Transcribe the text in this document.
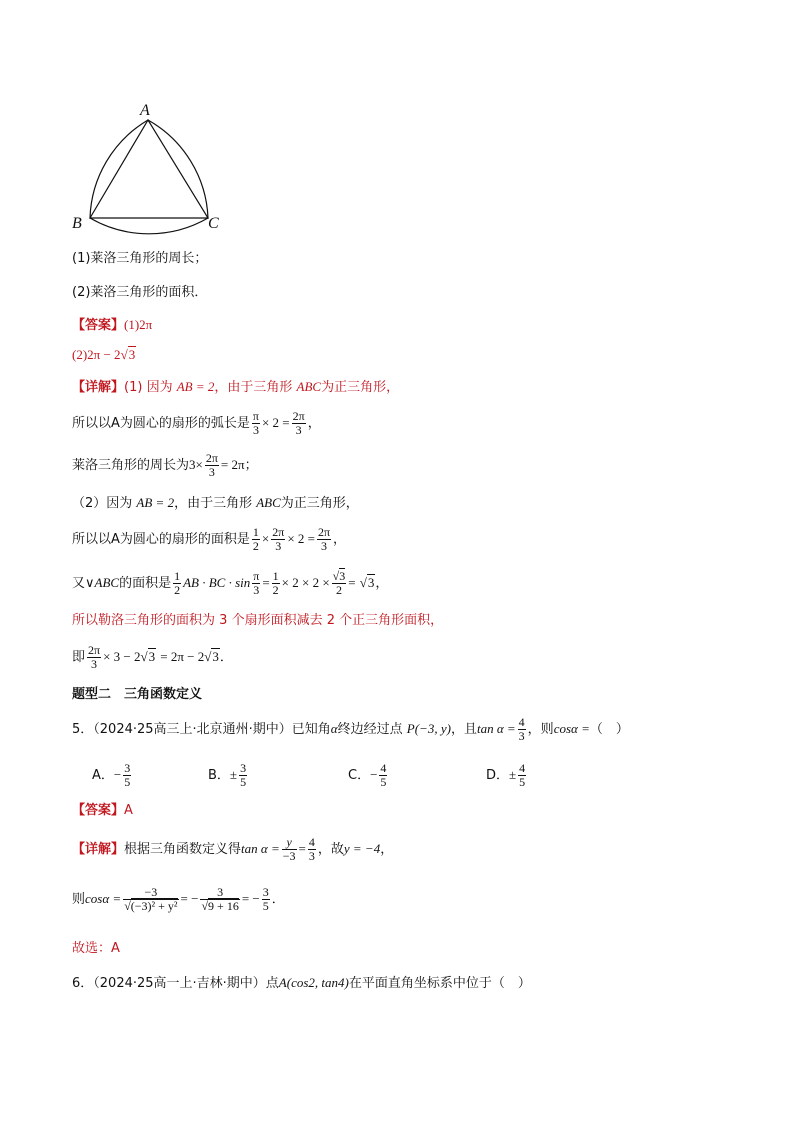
A
B	C
(1)莱洛三角形的周长；
(2)莱洛三角形的面积．
【答案】(1)2π
(2)2π − 2√3
【详解】(1) 因为 AB = 2，由于三角形 ABC为正三角形，
所以以A为圆心的扇形的弧长是 $\frac{\pi}{3} \times 2 = \frac{2\pi}{3}$ ，
莱洛三角形的周长为$3\times \frac{2\pi}{3} = 2\pi$；
（2）因为 AB = 2，由于三角形 ABC为正三角形，
所以以A为圆心的扇形的面积是 $\frac{1}{2} \times \frac{2\pi}{3} \times 2 = \frac{2\pi}{3}$ ，
又∨ABC的面积是 $\frac{1}{2}$ AB · BC · $\sin \frac{\pi}{3} = \frac{1}{2} \times 2 \times 2 \times \frac{√3}{2} = √3$，
所以勒洛三角形的面积为 3 个扇形面积减去 2 个正三角形面积，
即 $\frac{2\pi}{3} \times 3 - 2√3 = 2\pi - 2√3$．
题型二　三角函数定义
5．（2024·25高三上·北京通州·期中）已知角α终边经过点 P(−3, y)，且$\tan \alpha = \frac{4}{3}$ ，则cosα =（　）
A．− $\frac{3}{5}$	B．± $\frac{3}{5}$	C．− $\frac{4}{5}$	D．± $\frac{4}{5}$
【答案】A
【详解】根据三角函数定义得$\tan \alpha = \frac{y}{-3} = \frac{4}{3}$ ，故y = −4，
则$\cos\alpha = \frac{-3}{\text{√(−3)² + y²}}$ = − $\frac{3}{√9 + 16}$ = − $\frac{3}{5}$ ．
故选：A
6．（2024·25高一上·吉林·期中）点A(cos2, tan4)在平面直角坐标系中位于（　）
